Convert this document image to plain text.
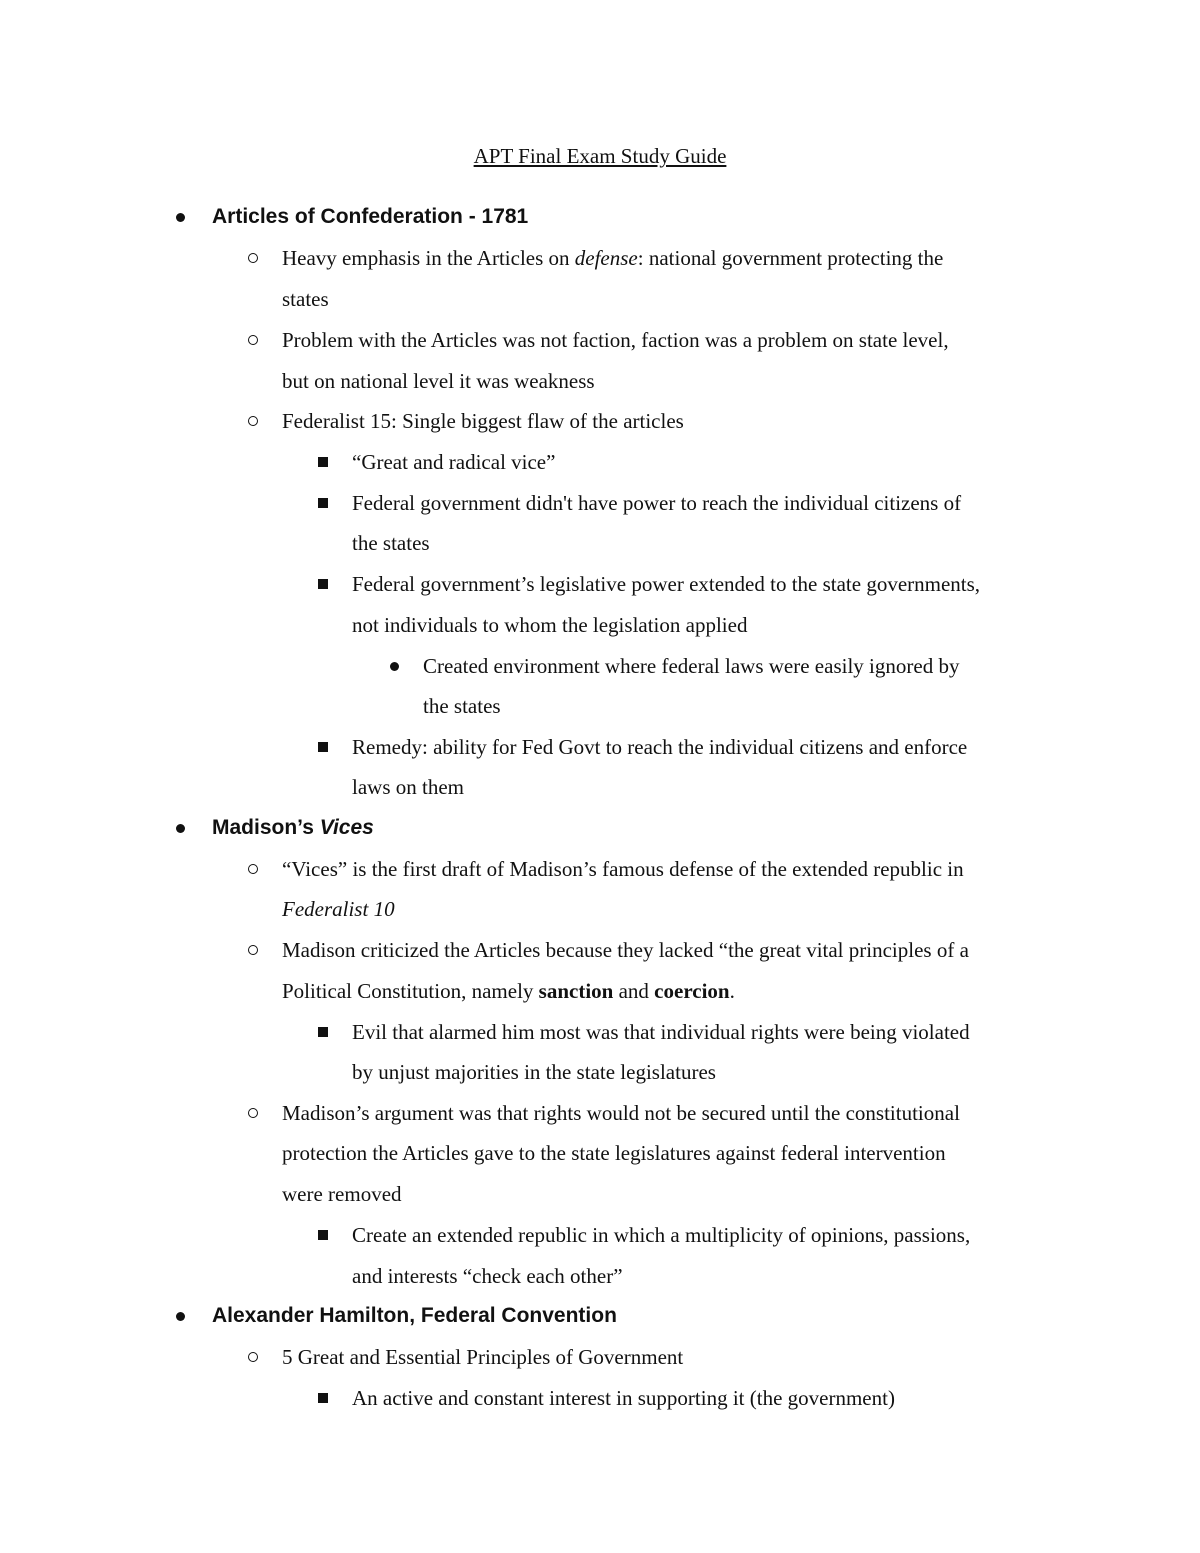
APT Final Exam Study Guide
Articles of Confederation - 1781
Heavy emphasis in the Articles on defense: national government protecting the
states
Problem with the Articles was not faction, faction was a problem on state level,
but on national level it was weakness
Federalist 15: Single biggest flaw of the articles
“Great and radical vice”
Federal government didn't have power to reach the individual citizens of
the states
Federal government’s legislative power extended to the state governments,
not individuals to whom the legislation applied
Created environment where federal laws were easily ignored by
the states
Remedy: ability for Fed Govt to reach the individual citizens and enforce
laws on them
Madison’s Vices
“Vices” is the first draft of Madison’s famous defense of the extended republic in
Federalist 10
Madison criticized the Articles because they lacked “the great vital principles of a
Political Constitution, namely sanction and coercion.
Evil that alarmed him most was that individual rights were being violated
by unjust majorities in the state legislatures
Madison’s argument was that rights would not be secured until the constitutional
protection the Articles gave to the state legislatures against federal intervention
were removed
Create an extended republic in which a multiplicity of opinions, passions,
and interests “check each other”
Alexander Hamilton, Federal Convention
5 Great and Essential Principles of Government
An active and constant interest in supporting it (the government)
